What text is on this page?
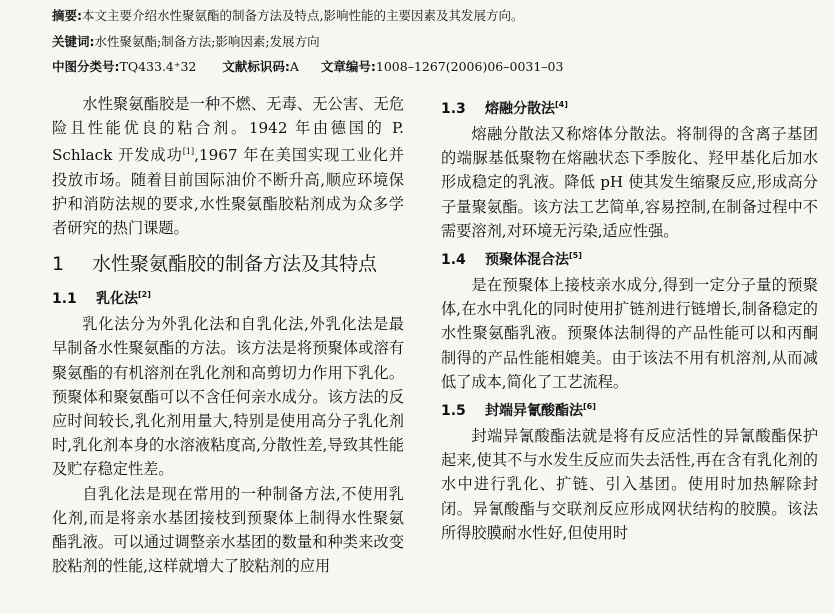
摘要:本文主要介绍水性聚氨酯的制备方法及特点,影响性能的主要因素及其发展方向。
关键词:水性聚氨酯;制备方法;影响因素;发展方向
中图分类号:TQ433.4⁺32 文献标识码:A 文章编号:1008–1267(2006)06–0031–03

水性聚氨酯胶是一种不燃、无毒、无公害、无危险且性能优良的粘合剂。1942 年由德国的 P. Schlack 开发成功[1],1967 年在美国实现工业化并投放市场。随着目前国际油价不断升高,顺应环境保护和消防法规的要求,水性聚氨酯胶粘剂成为众多学者研究的热门课题。

1 水性聚氨酯胶的制备方法及其特点
1.1 乳化法[2]

乳化法分为外乳化法和自乳化法,外乳化法是最早制备水性聚氨酯的方法。该方法是将预聚体或溶有聚氨酯的有机溶剂在乳化剂和高剪切力作用下乳化。预聚体和聚氨酯可以不含任何亲水成分。该方法的反应时间较长,乳化剂用量大,特别是使用高分子乳化剂时,乳化剂本身的水溶液粘度高,分散性差,导致其性能及贮存稳定性差。

自乳化法是现在常用的一种制备方法,不使用乳化剂,而是将亲水基团接枝到预聚体上制得水性聚氨酯乳液。可以通过调整亲水基团的数量和种类来改变胶粘剂的性能,这样就增大了胶粘剂的应用

1.3 熔融分散法[4]

熔融分散法又称熔体分散法。将制得的含离子基团的端脲基低聚物在熔融状态下季胺化、羟甲基化后加水形成稳定的乳液。降低 pH 使其发生缩聚反应,形成高分子量聚氨酯。该方法工艺简单,容易控制,在制备过程中不需要溶剂,对环境无污染,适应性强。

1.4 预聚体混合法[5]

是在预聚体上接枝亲水成分,得到一定分子量的预聚体,在水中乳化的同时使用扩链剂进行链增长,制备稳定的水性聚氨酯乳液。预聚体法制得的产品性能可以和丙酮制得的产品性能相媲美。由于该法不用有机溶剂,从而减低了成本,简化了工艺流程。

1.5 封端异氰酸酯法[6]

封端异氰酸酯法就是将有反应活性的异氰酸酯保护起来,使其不与水发生反应而失去活性,再在含有乳化剂的水中进行乳化、扩链、引入基团。使用时加热解除封闭。异氰酸酯与交联剂反应形成网状结构的胶膜。该法所得胶膜耐水性好,但使用时
